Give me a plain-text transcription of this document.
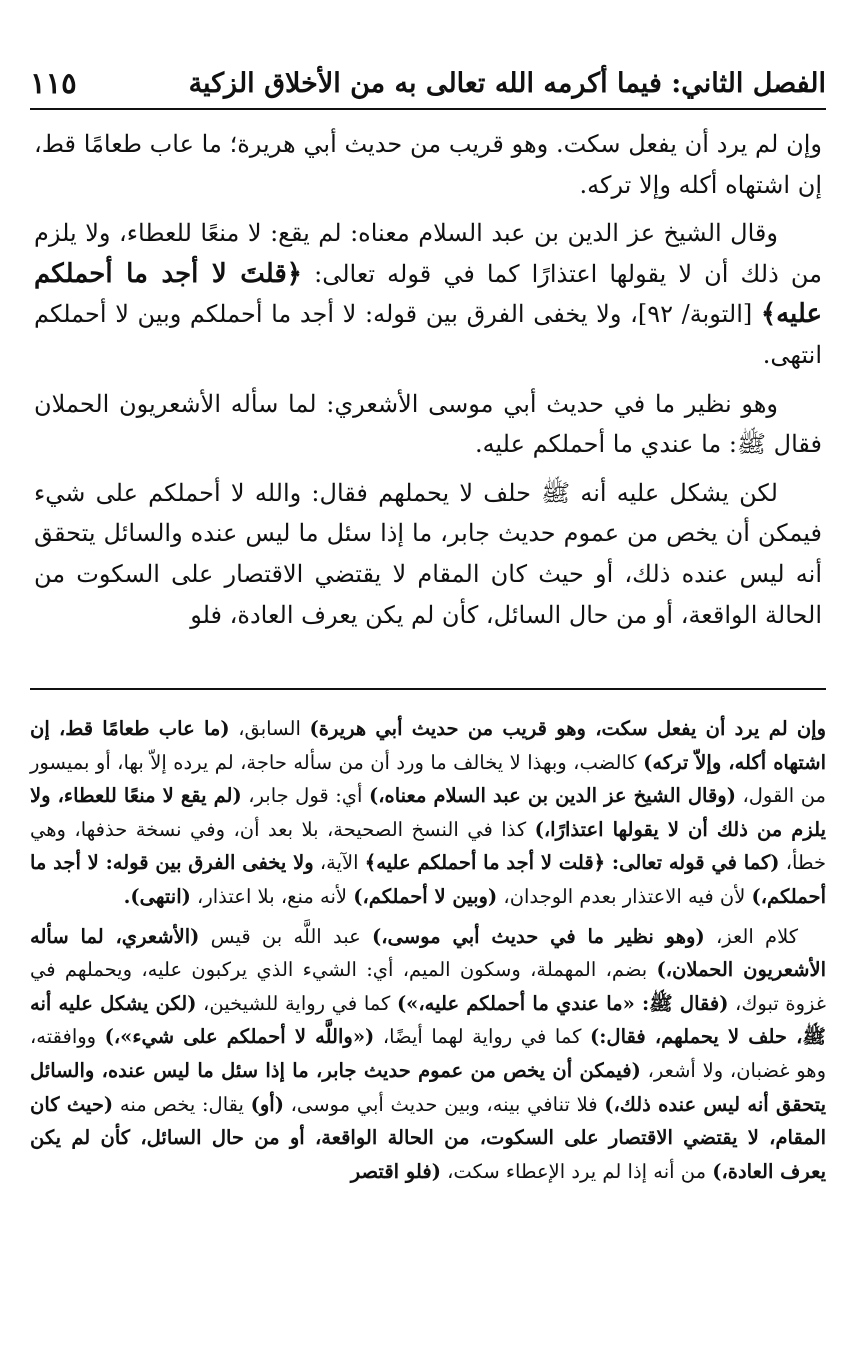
الفصل الثاني: فيما أكرمه الله تعالى به من الأخلاق الزكية
١١٥

وإن لم يرد أن يفعل سكت. وهو قريب من حديث أبي هريرة؛ ما عاب طعامًا قط، إن اشتهاه أكله وإلا تركه.

وقال الشيخ عز الدين بن عبد السلام معناه: لم يقع: لا منعًا للعطاء، ولا يلزم من ذلك أن لا يقولها اعتذارًا كما في قوله تعالى: ﴿قلتَ لا أجد ما أحملكم عليه﴾ [التوبة/ ٩٢]، ولا يخفى الفرق بين قوله: لا أجد ما أحملكم وبين لا أحملكم انتهى.

وهو نظير ما في حديث أبي موسى الأشعري: لما سأله الأشعريون الحملان فقال ﷺ: ما عندي ما أحملكم عليه.

لكن يشكل عليه أنه ﷺ حلف لا يحملهم فقال: والله لا أحملكم على شيء فيمكن أن يخص من عموم حديث جابر، ما إذا سئل ما ليس عنده والسائل يتحقق أنه ليس عنده ذلك، أو حيث كان المقام لا يقتضي الاقتصار على السكوت من الحالة الواقعة، أو من حال السائل، كأن لم يكن يعرف العادة، فلو

وإن لم يرد أن يفعل سكت، وهو قريب من حديث أبي هريرة) السابق، (ما عاب طعامًا قط، إن اشتهاه أكله، وإلاّ تركه) كالضب، وبهذا لا يخالف ما ورد أن من سأله حاجة، لم يرده إلاّ بها، أو بميسور من القول، (وقال الشيخ عز الدين بن عبد السلام معناه،) أي: قول جابر، (لم يقع لا منعًا للعطاء، ولا يلزم من ذلك أن لا يقولها اعتذارًا،) كذا في النسخ الصحيحة، بلا بعد أن، وفي نسخة حذفها، وهي خطأ، (كما في قوله تعالى: ﴿قلت لا أجد ما أحملكم عليه﴾ الآية، ولا يخفى الفرق بين قوله: لا أجد ما أحملكم،) لأن فيه الاعتذار بعدم الوجدان، (وبين لا أحملكم،) لأنه منع، بلا اعتذار، (انتهى).

كلام العز، (وهو نظير ما في حديث أبي موسى،) عبد اللَّه بن قيس (الأشعري، لما سأله الأشعريون الحملان،) بضم، المهملة، وسكون الميم، أي: الشيء الذي يركبون عليه، ويحملهم في غزوة تبوك، (فقال ﷺ: «ما عندي ما أحملكم عليه،») كما في رواية للشيخين، (لكن يشكل عليه أنه ﷺ، حلف لا يحملهم، فقال:) كما في رواية لهما أيضًا، («واللَّه لا أحملكم على شيء»،) ووافقته، وهو غضبان، ولا أشعر، (فيمكن أن يخص من عموم حديث جابر، ما إذا سئل ما ليس عنده، والسائل يتحقق أنه ليس عنده ذلك،) فلا تنافي بينه، وبين حديث أبي موسى، (أو) يقال: يخص منه (حيث كان المقام، لا يقتضي الاقتصار على السكوت، من الحالة الواقعة، أو من حال السائل، كأن لم يكن يعرف العادة،) من أنه إذا لم يرد الإعطاء سكت، (فلو اقتصر
